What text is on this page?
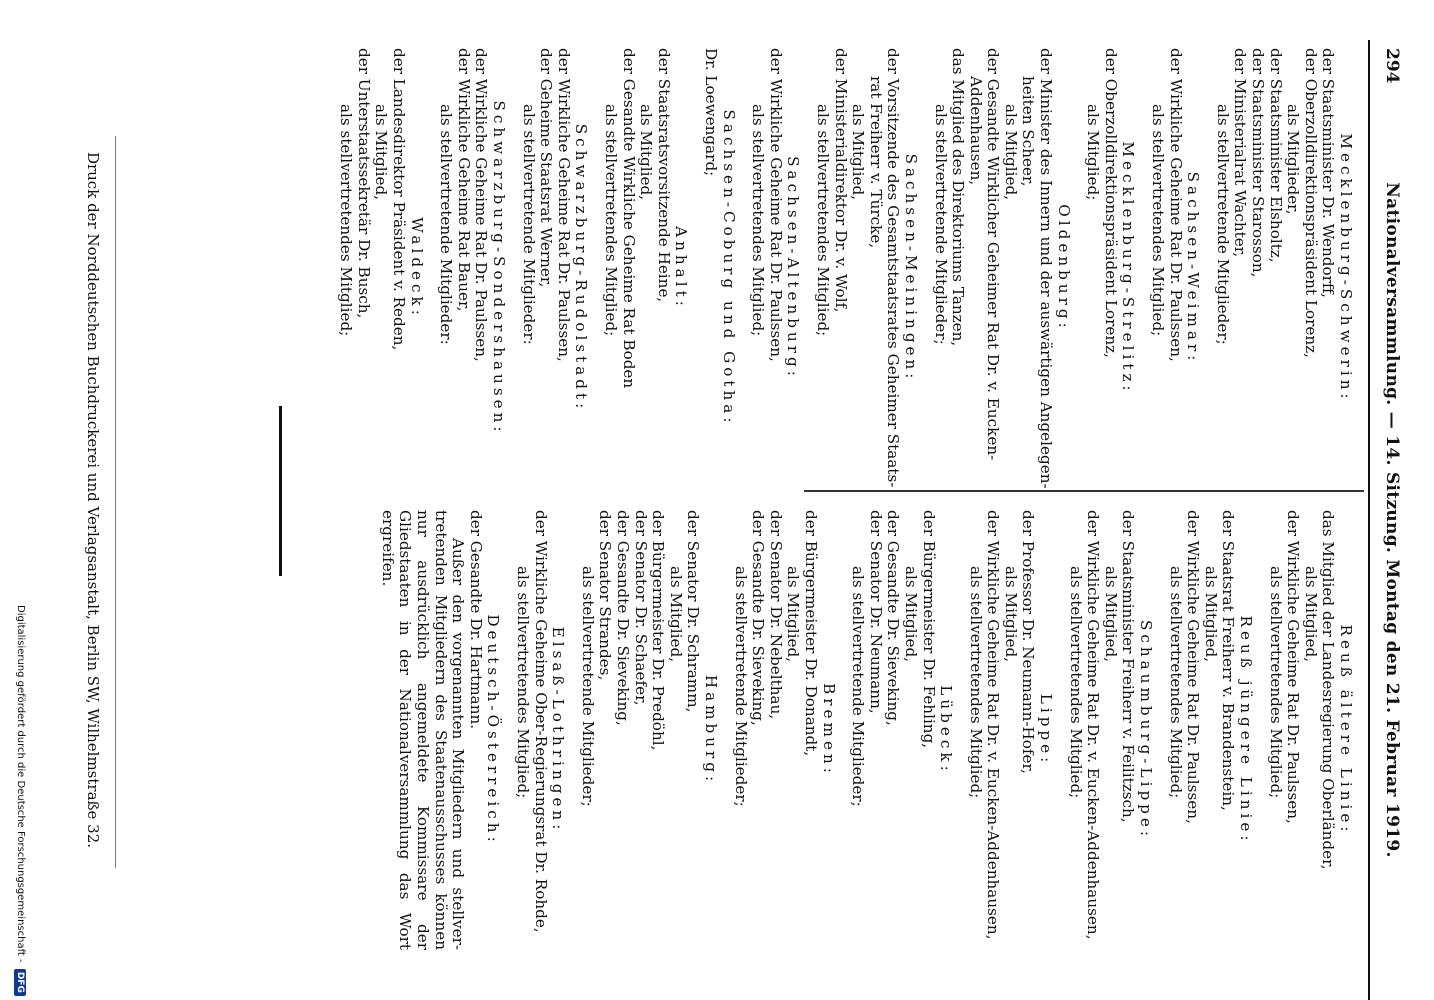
294
Nationalversammlung. — 14. Sitzung. Montag den 21. Februar 1919.
Mecklenburg-Schwerin:
der Staatsminister Dr. Wendorff,
der Oberzolldirektionspräsident Lorenz,
als Mitglieder,
der Staatsminister Elsholtz,
der Staatsminister Starosson,
der Ministerialrat Wachter,
als stellvertretende Mitglieder;
Sachsen-Weimar:
der Wirkliche Geheime Rat Dr. Paulssen,
als stellvertretendes Mitglied;
Mecklenburg-Strelitz:
der Oberzolldirektionspräsident Lorenz,
als Mitglied;
Oldenburg:
der Minister des Innern und der auswärtigen Angelegen-
heiten Scheer,
als Mitglied,
der Gesandte Wirklicher Geheimer Rat Dr. v. Eucken-
Addenhausen,
das Mitglied des Direktoriums Tanzen,
als stellvertretende Mitglieder;
Sachsen-Meiningen:
der Vorsitzende des Gesamtstaatsrates Geheimer Staats-
rat Freiherr v. Türcke,
als Mitglied,
der Ministerialdirektor Dr. v. Wolf,
als stellvertretendes Mitglied;
Sachsen-Altenburg:
der Wirkliche Geheime Rat Dr. Paulssen,
als stellvertretendes Mitglied;
Sachsen-Coburg und Gotha:
Dr. Loewengard;
Anhalt:
der Staatsratsvorsitzende Heine,
als Mitglied,
der Gesandte Wirkliche Geheime Rat Boden
als stellvertretendes Mitglied;
Schwarzburg-Rudolstadt:
der Wirkliche Geheime Rat Dr. Paulssen,
der Geheime Staatsrat Werner,
als stellvertretende Mitglieder:
Schwarzburg-Sondershausen:
der Wirkliche Geheime Rat Dr. Paulssen,
der Wirkliche Geheime Rat Bauer,
als stellvertretende Mitglieder:
Waldeck:
der Landesdirektor Präsident v. Reden,
als Mitglied,
der Unterstaatssekretär Dr. Busch,
als stellvertretendes Mitglied;
Reuß ältere Linie:
das Mitglied der Landesregierung Oberländer,
als Mitglied,
der Wirkliche Geheime Rat Dr. Paulssen,
als stellvertretendes Mitglied;
Reuß jüngere Linie:
der Staatsrat Freiherr v. Brandenstein,
als Mitglied,
der Wirkliche Geheime Rat Dr. Paulssen,
als stellvertretendes Mitglied;
Schaumburg-Lippe:
der Staatsminister Freiherr v. Feilitzsch,
als Mitglied,
der Wirkliche Geheime Rat Dr. v. Eucken-Addenhausen,
als stellvertretendes Mitglied;
Lippe:
der Professor Dr. Neumann-Hofer,
als Mitglied,
der Wirkliche Geheime Rat Dr. v. Eucken-Addenhausen,
als stellvertretendes Mitglied;
Lübeck:
der Bürgermeister Dr. Fehling,
als Mitglied,
der Gesandte Dr. Sieveking,
der Senator Dr. Neumann,
als stellvertretende Mitglieder;
Bremen:
der Bürgermeister Dr. Donandt,
als Mitglied,
der Senator Dr. Nebelthau,
der Gesandte Dr. Sieveking,
als stellvertretende Mitglieder;
Hamburg:
der Senator Dr. Schramm,
als Mitglied,
der Bürgermeister Dr. Predöhl,
der Senator Dr. Schaefer,
der Gesandte Dr. Sieveking,
der Senator Strandes,
als stellvertretende Mitglieder;
Elsaß-Lothringen:
der Wirkliche Geheime Ober-Regierungsrat Dr. Rohde,
als stellvertretendes Mitglied;
Deutsch-Österreich:
der Gesandte Dr. Hartmann.
Außer den vorgenannten Mitgliedern und stellver- tretenden Mitgliedern des Staatenausschusses können nur ausdrücklich angemeldete Kommissare der Gliedstaaten in der Nationalversammlung das Wort ergreifen.
Druck der Norddeutschen Buchdruckerei und Verlagsanstalt, Berlin SW, Wilhelmstraße 32.
Digitalisierung gefördert durch die Deutsche Forschungsgemeinschaft - DFG
